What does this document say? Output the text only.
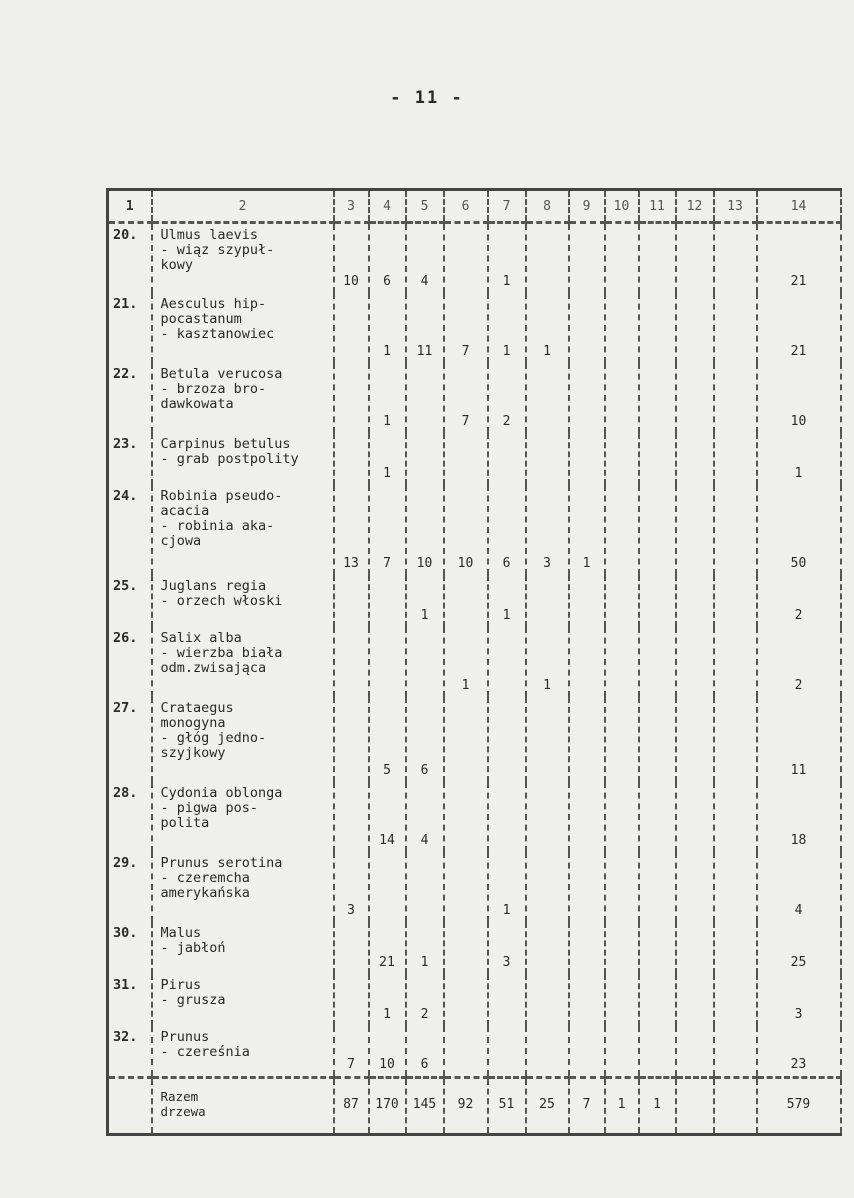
- 11 -
1	2	3	4	5	6	7	8	9	10	11	12	13	14
20.	Ulmus laevis
- wiąz szypuł-
kowy	10	6	4		1							21
21.	Aesculus hip-
pocastanum
- kasztanowiec		1	11	7	1	1						21
22.	Betula verucosa
- brzoza bro-
dawkowata		1		7	2							10
23.	Carpinus betulus
- grab postpolity		1										1
24.	Robinia pseudo-
acacia
- robinia aka-
cjowa	13	7	10	10	6	3	1					50
25.	Juglans regia
- orzech włoski			1		1							2
26.	Salix alba
- wierzba biała
odm.zwisająca				1		1						2
27.	Crataegus
monogyna
- głóg jedno-
szyjkowy		5	6									11
28.	Cydonia oblonga
- pigwa pos-
polita		14	4									18
29.	Prunus serotina
- czeremcha
amerykańska	3				1							4
30.	Malus
- jabłoń		21	1		3							25
31.	Pirus
- grusza		1	2									3
32.	Prunus
- czereśnia	7	10	6									23
	Razem
drzewa	87	170	145	92	51	25	7	1	1			579
